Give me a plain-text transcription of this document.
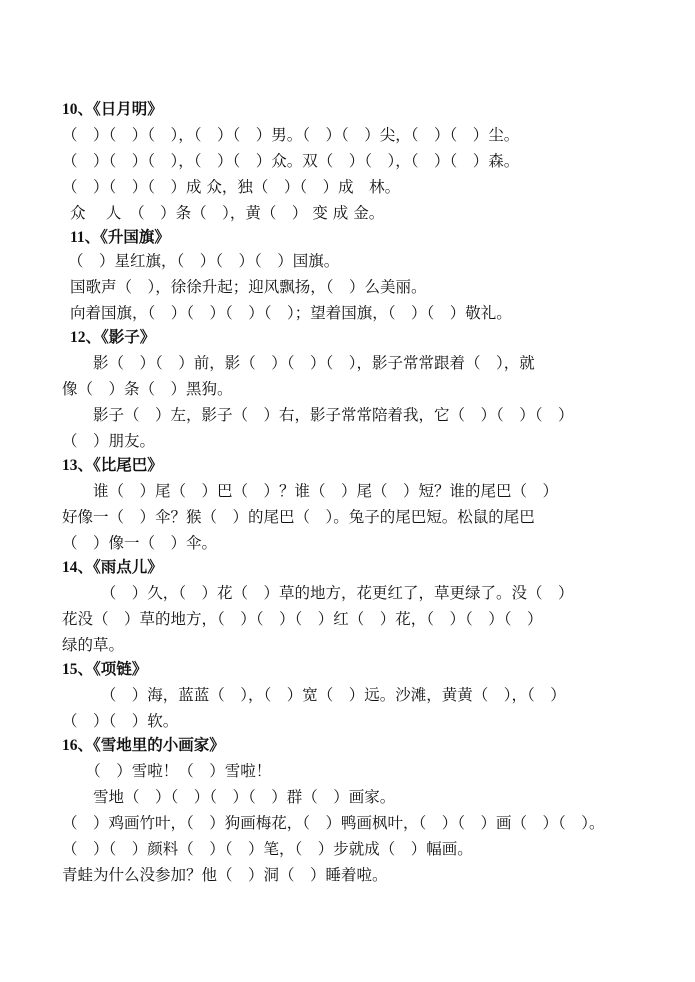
10、《日月明》
（　）（　）（　），（　）（　）男。（　）（　）尖，（　）（　）尘。
（　）（　）（　），（　）（　）众。双（　）（　），（　）（　）森。
（　）（　）（　）成 众，独（　）（　）成　林。
众　 人　（　）条（　），黄（　） 变 成 金。
11、《升国旗》
（　）星红旗，（　）（　）（　）国旗。
国歌声（　），徐徐升起；迎风飘扬，（　）么美丽。
向着国旗，（　）（　）（　）（　）；望着国旗，（　）（　）敬礼。
12、《影子》
　　影（　）（　）前，影（　）（　）（　），影子常常跟着（　），就
像（　）条（　）黑狗。
　　影子（　）左，影子（　）右，影子常常陪着我，它（　）（　）（　）
（　）朋友。
13、《比尾巴》
　　谁（　）尾（　）巴（　）？谁（　）尾（　）短？谁的尾巴（　）
好像一（　）伞？猴（　）的尾巴（　）。兔子的尾巴短。松鼠的尾巴
（　）像一（　）伞。
14、《雨点儿》
　　　（　）久，（　）花（　）草的地方，花更红了，草更绿了。没（　）
花没（　）草的地方，（　）（　）（　）红（　）花，（　）（　）（　）
绿的草。
15、《项链》
　　　（　）海，蓝蓝（　），（　）宽（　）远。沙滩，黄黄（　），（　）
（　）（　）软。
16、《雪地里的小画家》
　　（　）雪啦！（　）雪啦！
　　雪地（　）（　）（　）（　）群（　）画家。
（　）鸡画竹叶，（　）狗画梅花，（　）鸭画枫叶，（　）（　）画（　）（　）。
（　）（　）颜料（　）（　）笔，（　）步就成（　）幅画。
青蛙为什么没参加？他（　）洞（　）睡着啦。
